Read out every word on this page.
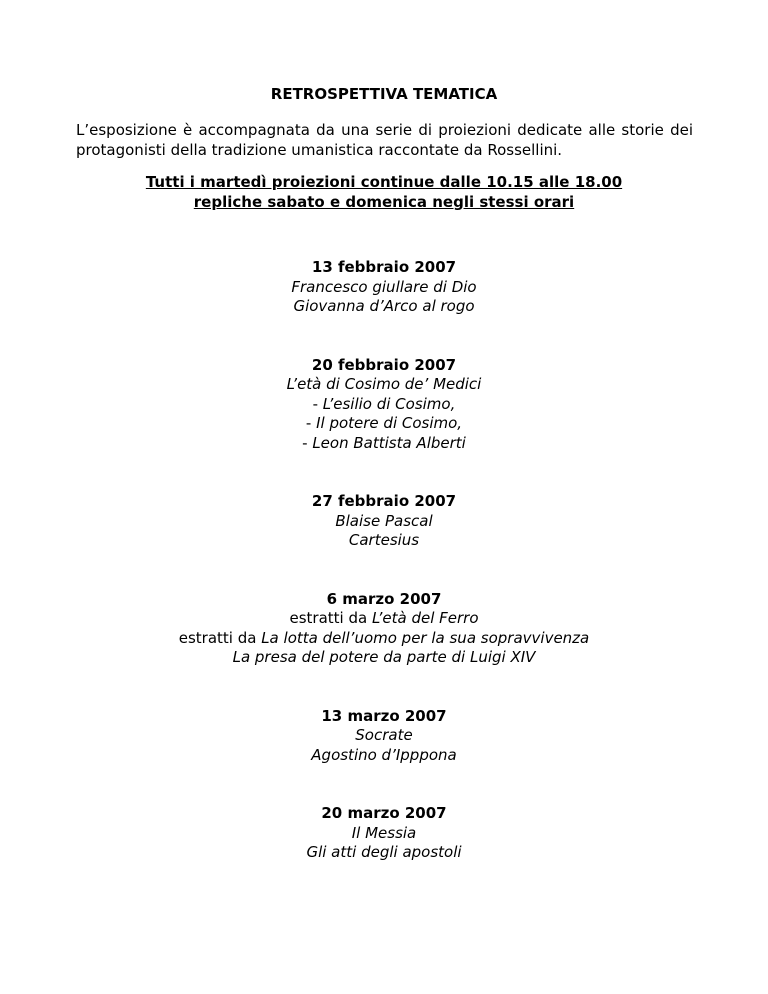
RETROSPETTIVA TEMATICA
L’esposizione è accompagnata da una serie di proiezioni dedicate alle storie dei protagonisti della tradizione umanistica raccontate da Rossellini.
Tutti i martedì proiezioni continue dalle 10.15 alle 18.00
repliche sabato e domenica negli stessi orari
13 febbraio 2007
Francesco giullare di Dio
Giovanna d’Arco al rogo
20 febbraio 2007
L’età di Cosimo de’ Medici
- L’esilio di Cosimo,
- Il potere di Cosimo,
- Leon Battista Alberti
27 febbraio 2007
Blaise Pascal
Cartesius
6 marzo 2007
estratti da L’età del Ferro
estratti da La lotta dell’uomo per la sua sopravvivenza
La presa del potere da parte di Luigi XIV
13 marzo 2007
Socrate
Agostino d’Ipppona
20 marzo 2007
Il Messia
Gli atti degli apostoli
